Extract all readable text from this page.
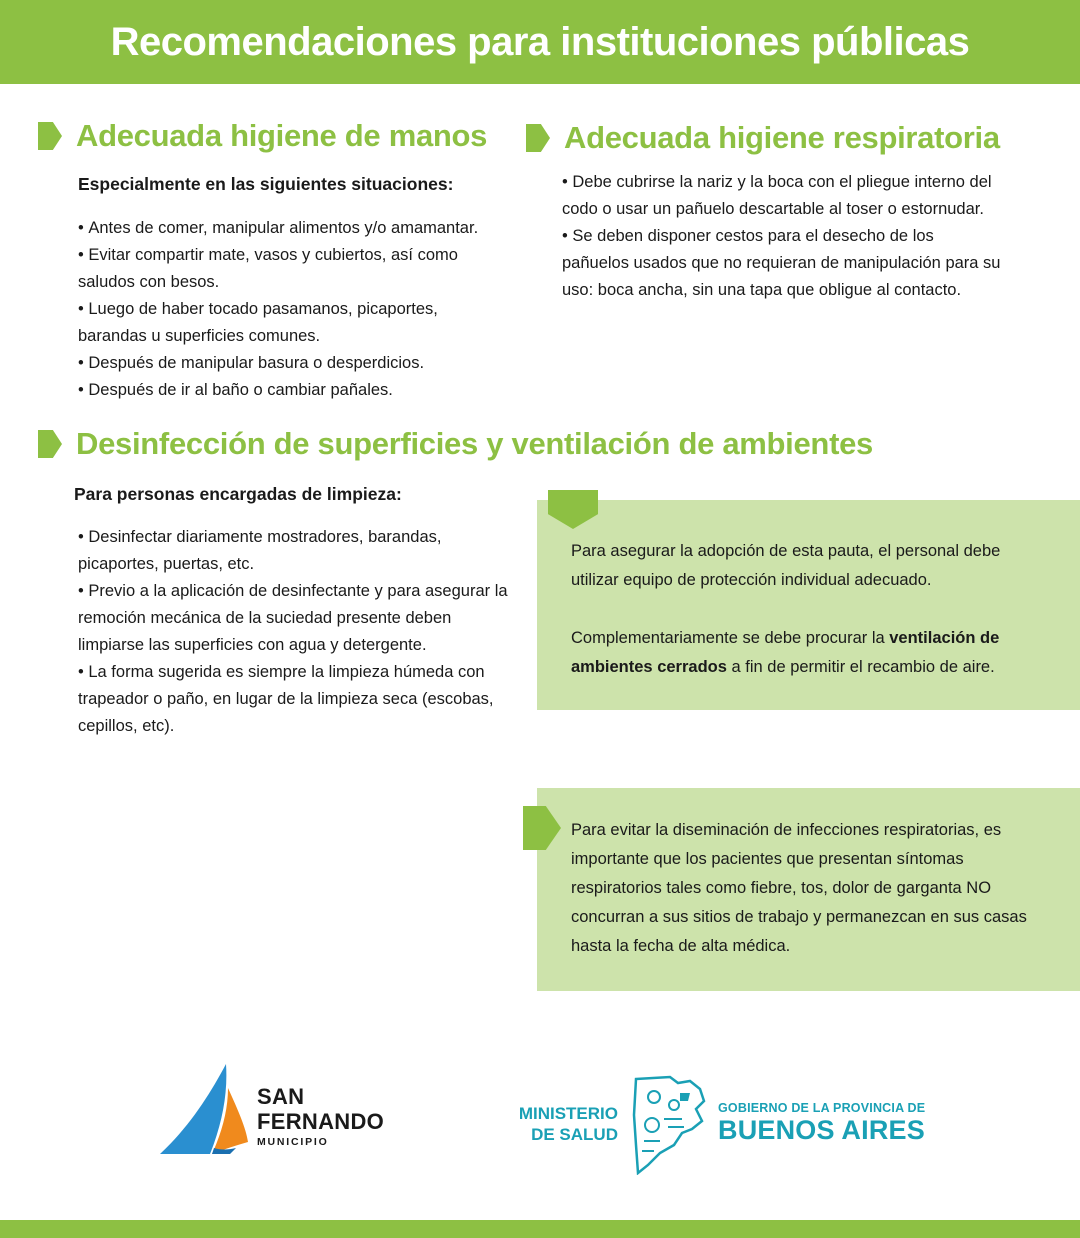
Recomendaciones para instituciones públicas
Adecuada higiene de manos
Especialmente en las siguientes situaciones:
• Antes de comer, manipular alimentos y/o amamantar.
• Evitar compartir mate, vasos y cubiertos, así como saludos con besos.
• Luego de haber tocado pasamanos, picaportes, barandas u superficies comunes.
• Después de manipular basura o desperdicios.
• Después de ir al baño o cambiar pañales.
Adecuada higiene respiratoria
• Debe cubrirse la nariz y la boca con el pliegue interno del codo o usar un pañuelo descartable al toser o estornudar.
• Se deben disponer cestos para el desecho de los pañuelos usados que no requieran de manipulación para su uso: boca ancha, sin una tapa que obligue al contacto.
Desinfección de superficies y ventilación de ambientes
Para personas encargadas de limpieza:
• Desinfectar diariamente mostradores, barandas, picaportes, puertas, etc.
• Previo a la aplicación de desinfectante y para asegurar la remoción mecánica de la suciedad presente deben limpiarse las superficies con agua y detergente.
• La forma sugerida es siempre la limpieza húmeda con trapeador o paño, en lugar de la limpieza seca (escobas, cepillos, etc).

Para asegurar la adopción de esta pauta, el personal debe utilizar equipo de protección individual adecuado.

Complementariamente se debe procurar la ventilación de ambientes cerrados a fin de permitir el recambio de aire.

Para evitar la diseminación de infecciones respiratorias, es importante que los pacientes que presentan síntomas respiratorios tales como fiebre, tos, dolor de garganta NO concurran a sus sitios de trabajo y permanezcan en sus casas hasta la fecha de alta médica.
SAN
FERNANDO
MUNICIPIO
MINISTERIO
DE SALUD
GOBIERNO DE LA PROVINCIA DE
BUENOS AIRES
